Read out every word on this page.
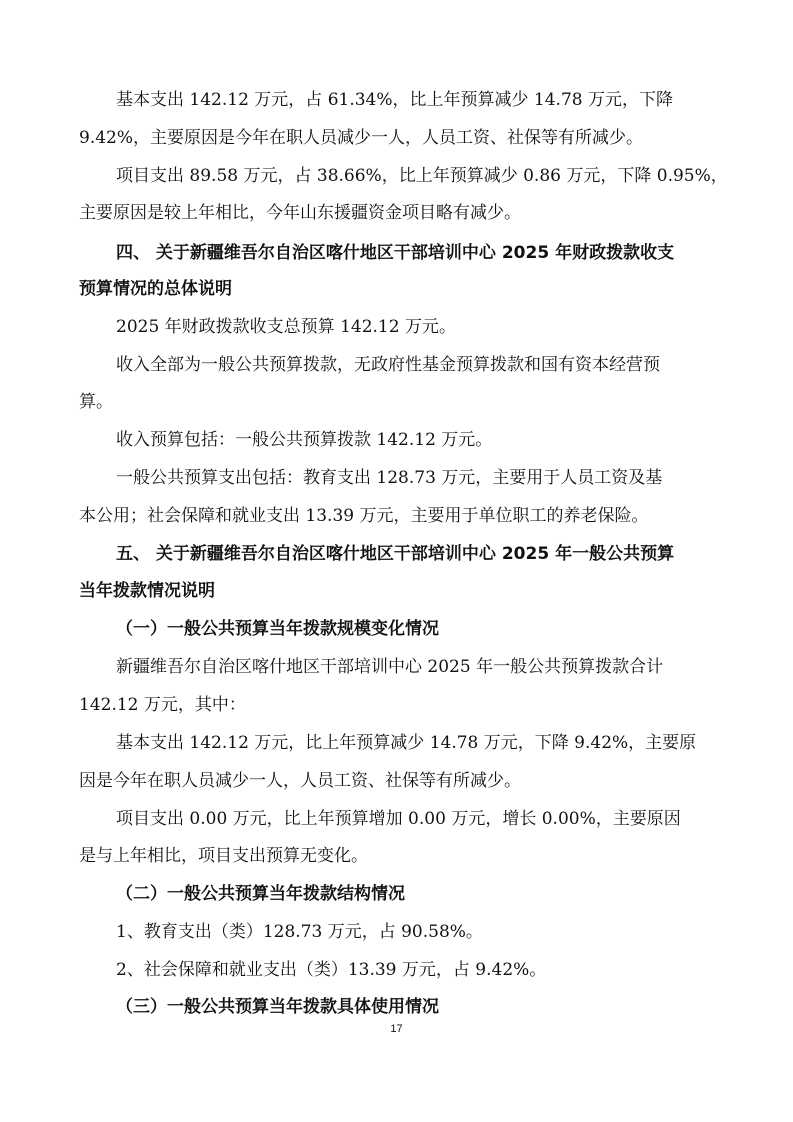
基本支出 142.12 万元，占 61.34%，比上年预算减少 14.78 万元，下降

9.42%，主要原因是今年在职人员减少一人，人员工资、社保等有所减少。

项目支出 89.58 万元，占 38.66%，比上年预算减少 0.86 万元，下降 0.95%，

主要原因是较上年相比，今年山东援疆资金项目略有减少。

四、 关于新疆维吾尔自治区喀什地区干部培训中心 2025 年财政拨款收支

预算情况的总体说明

2025 年财政拨款收支总预算 142.12 万元。

收入全部为一般公共预算拨款，无政府性基金预算拨款和国有资本经营预

算。

收入预算包括：一般公共预算拨款 142.12 万元。

一般公共预算支出包括：教育支出 128.73 万元，主要用于人员工资及基

本公用；社会保障和就业支出 13.39 万元，主要用于单位职工的养老保险。

五、 关于新疆维吾尔自治区喀什地区干部培训中心 2025 年一般公共预算

当年拨款情况说明

（一）一般公共预算当年拨款规模变化情况

新疆维吾尔自治区喀什地区干部培训中心 2025 年一般公共预算拨款合计

142.12 万元，其中：

基本支出 142.12 万元，比上年预算减少 14.78 万元，下降 9.42%，主要原

因是今年在职人员减少一人，人员工资、社保等有所减少。

项目支出 0.00 万元，比上年预算增加 0.00 万元，增长 0.00%，主要原因

是与上年相比，项目支出预算无变化。

（二）一般公共预算当年拨款结构情况

1、教育支出（类）128.73 万元，占 90.58%。

2、社会保障和就业支出（类）13.39 万元，占 9.42%。

（三）一般公共预算当年拨款具体使用情况

17
